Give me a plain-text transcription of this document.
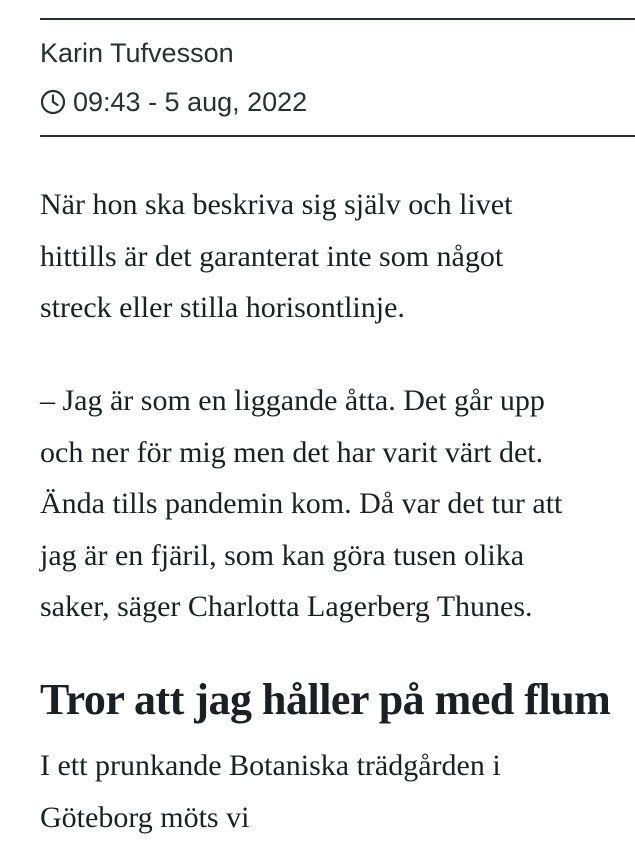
Karin Tufvesson
09:43 - 5 aug, 2022
När hon ska beskriva sig själv och livet
hittills är det garanterat inte som något
streck eller stilla horisontlinje.
– Jag är som en liggande åtta. Det går upp
och ner för mig men det har varit värt det.
Ända tills pandemin kom. Då var det tur att
jag är en fjäril, som kan göra tusen olika
saker, säger Charlotta Lagerberg Thunes.
Tror att jag håller på med flum
I ett prunkande Botaniska trädgården i
Göteborg möts vi
